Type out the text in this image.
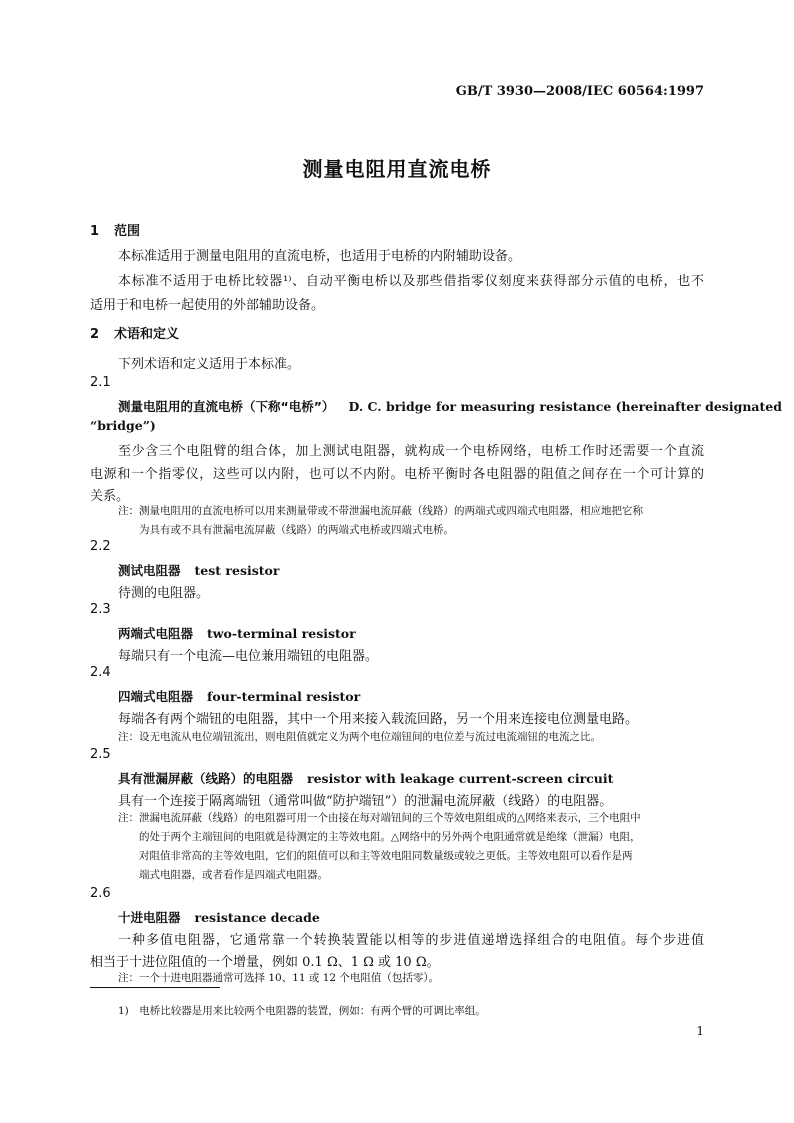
GB/T 3930—2008/IEC 60564:1997
测量电阻用直流电桥
1 范围
本标准适用于测量电阻用的直流电桥，也适用于电桥的内附辅助设备。
本标准不适用于电桥比较器¹⁾、自动平衡电桥以及那些借指零仪刻度来获得部分示值的电桥，也不
适用于和电桥一起使用的外部辅助设备。
2 术语和定义
下列术语和定义适用于本标准。
2.1
测量电阻用的直流电桥（下称“电桥”） D. C. bridge for measuring resistance (hereinafter designated
“bridge”)
至少含三个电阻臂的组合体，加上测试电阻器，就构成一个电桥网络，电桥工作时还需要一个直流
电源和一个指零仪，这些可以内附，也可以不内附。电桥平衡时各电阻器的阻值之间存在一个可计算的
关系。
注：测量电阻用的直流电桥可以用来测量带或不带泄漏电流屏蔽（线路）的两端式或四端式电阻器，相应地把它称
为具有或不具有泄漏电流屏蔽（线路）的两端式电桥或四端式电桥。
2.2
测试电阻器 test resistor
待测的电阻器。
2.3
两端式电阻器 two-terminal resistor
每端只有一个电流—电位兼用端钮的电阻器。
2.4
四端式电阻器 four-terminal resistor
每端各有两个端钮的电阻器，其中一个用来接入载流回路，另一个用来连接电位测量电路。
注：设无电流从电位端钮流出，则电阻值就定义为两个电位端钮间的电位差与流过电流端钮的电流之比。
2.5
具有泄漏屏蔽（线路）的电阻器 resistor with leakage current-screen circuit
具有一个连接于隔离端钮（通常叫做“防护端钮”）的泄漏电流屏蔽（线路）的电阻器。
注：泄漏电流屏蔽（线路）的电阻器可用一个由接在每对端钮间的三个等效电阻组成的△网络来表示，三个电阻中
的处于两个主端钮间的电阻就是待测定的主等效电阻。△网络中的另外两个电阻通常就是绝缘（泄漏）电阻，
对阻值非常高的主等效电阻，它们的阻值可以和主等效电阻同数量级或较之更低。主等效电阻可以看作是两
端式电阻器，或者看作是四端式电阻器。
2.6
十进电阻器 resistance decade
一种多值电阻器，它通常靠一个转换装置能以相等的步进值递增选择组合的电阻值。每个步进值
相当于十进位阻值的一个增量，例如 0.1 Ω、1 Ω 或 10 Ω。
注：一个十进电阻器通常可选择 10、11 或 12 个电阻值（包括零）。
1)　电桥比较器是用来比较两个电阻器的装置，例如：有两个臂的可调比率组。
1
